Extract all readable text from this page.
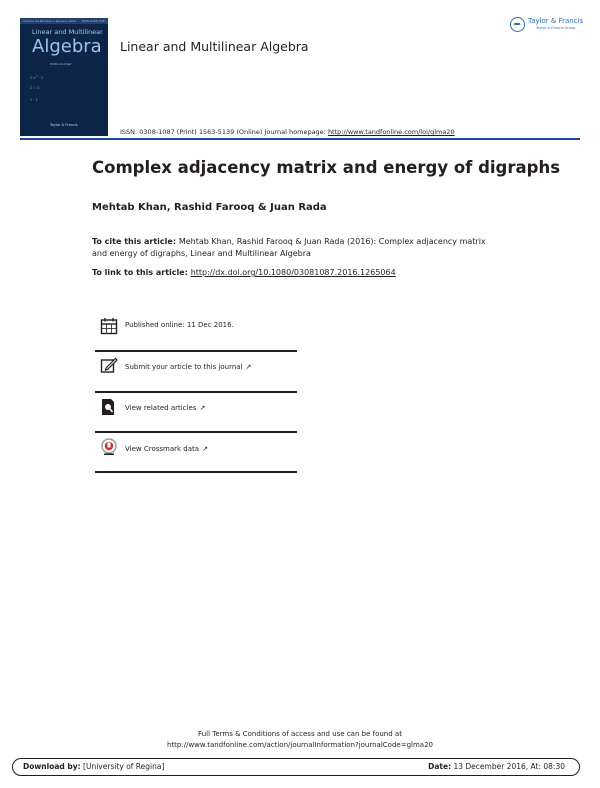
Volume 64 Number 1 January 2016 ISSN 0308-1087
Linear and Multilinear
Algebra
Editor-in-Chief
Σ $e^{-t} \cdot \Sigma$
Σ = Σ
Σ · Σ
Taylor & Francis
Linear and Multilinear Algebra
Taylor & Francis
Taylor & Francis Group
ISSN: 0308-1087 (Print) 1563-5139 (Online) Journal homepage: http://www.tandfonline.com/loi/glma20
Complex adjacency matrix and energy of digraphs
Mehtab Khan, Rashid Farooq & Juan Rada
To cite this article: Mehtab Khan, Rashid Farooq & Juan Rada (2016): Complex adjacency matrix and energy of digraphs, Linear and Multilinear Algebra
To link to this article: http://dx.doi.org/10.1080/03081087.2016.1265064
Published online: 11 Dec 2016.
Submit your article to this journal ↗
View related articles ↗
View Crossmark data ↗
Full Terms & Conditions of access and use can be found at
http://www.tandfonline.com/action/journalInformation?journalCode=glma20
Download by: [University of Regina]	Date: 13 December 2016, At: 08:30
